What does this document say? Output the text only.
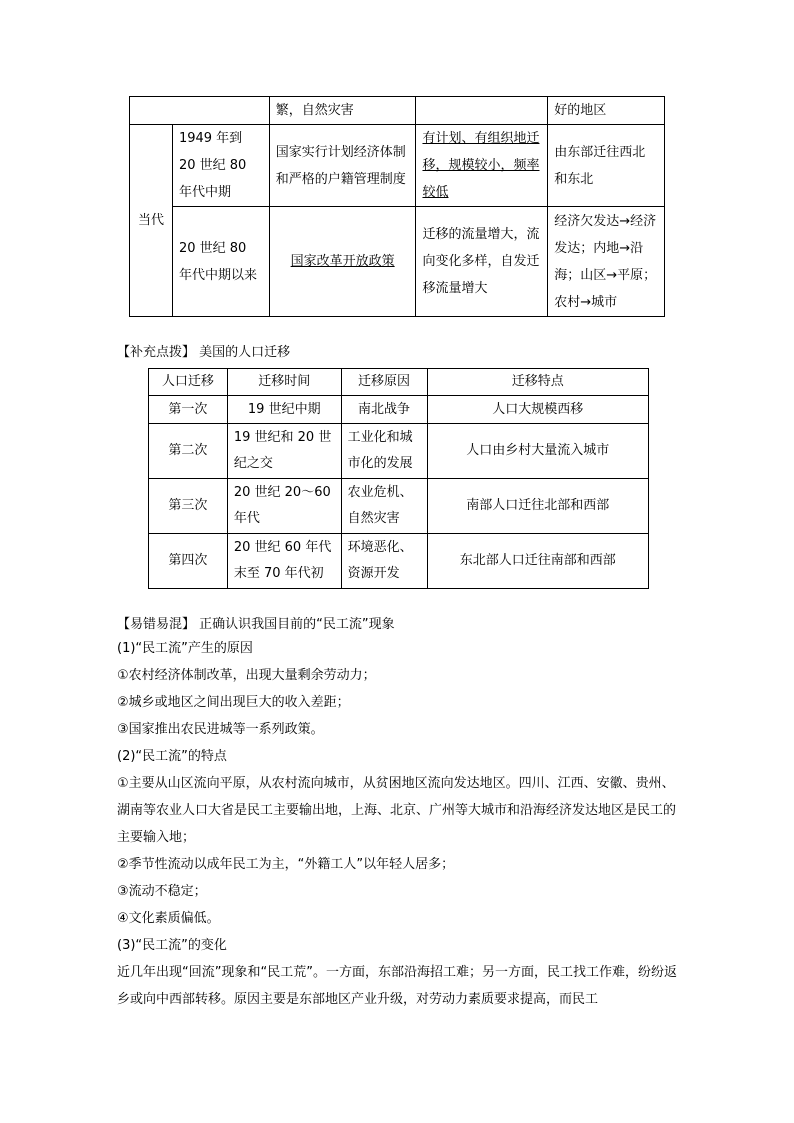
		繁，自然灾害		好的地区
当代	1949 年到 20 世纪 80 年代中期	国家实行计划经济体制和严格的户籍管理制度	有计划、有组织地迁移，规模较小，频率较低	由东部迁往西北和东北
	20 世纪 80 年代中期以来	国家改革开放政策	迁移的流量增大，流向变化多样，自发迁移流量增大	经济欠发达→经济发达；内地→沿海；山区→平原；农村→城市
【补充点拨】 美国的人口迁移
人口迁移	迁移时间	迁移原因	迁移特点
第一次	19 世纪中期	南北战争	人口大规模西移
第二次	19 世纪和 20 世纪之交	工业化和城市化的发展	人口由乡村大量流入城市
第三次	20 世纪 20～60 年代	农业危机、自然灾害	南部人口迁往北部和西部
第四次	20 世纪 60 年代末至 70 年代初	环境恶化、资源开发	东北部人口迁往南部和西部
【易错易混】 正确认识我国目前的“民工流”现象
(1)“民工流”产生的原因
①农村经济体制改革，出现大量剩余劳动力；
②城乡或地区之间出现巨大的收入差距；
③国家推出农民进城等一系列政策。
(2)“民工流”的特点
①主要从山区流向平原，从农村流向城市，从贫困地区流向发达地区。四川、江西、安徽、贵州、湖南等农业人口大省是民工主要输出地，上海、北京、广州等大城市和沿海经济发达地区是民工的主要输入地；
②季节性流动以成年民工为主，“外籍工人”以年轻人居多；
③流动不稳定；
④文化素质偏低。
(3)“民工流”的变化
近几年出现“回流”现象和“民工荒”。一方面，东部沿海招工难；另一方面，民工找工作难，纷纷返乡或向中西部转移。原因主要是东部地区产业升级，对劳动力素质要求提高，而民工
